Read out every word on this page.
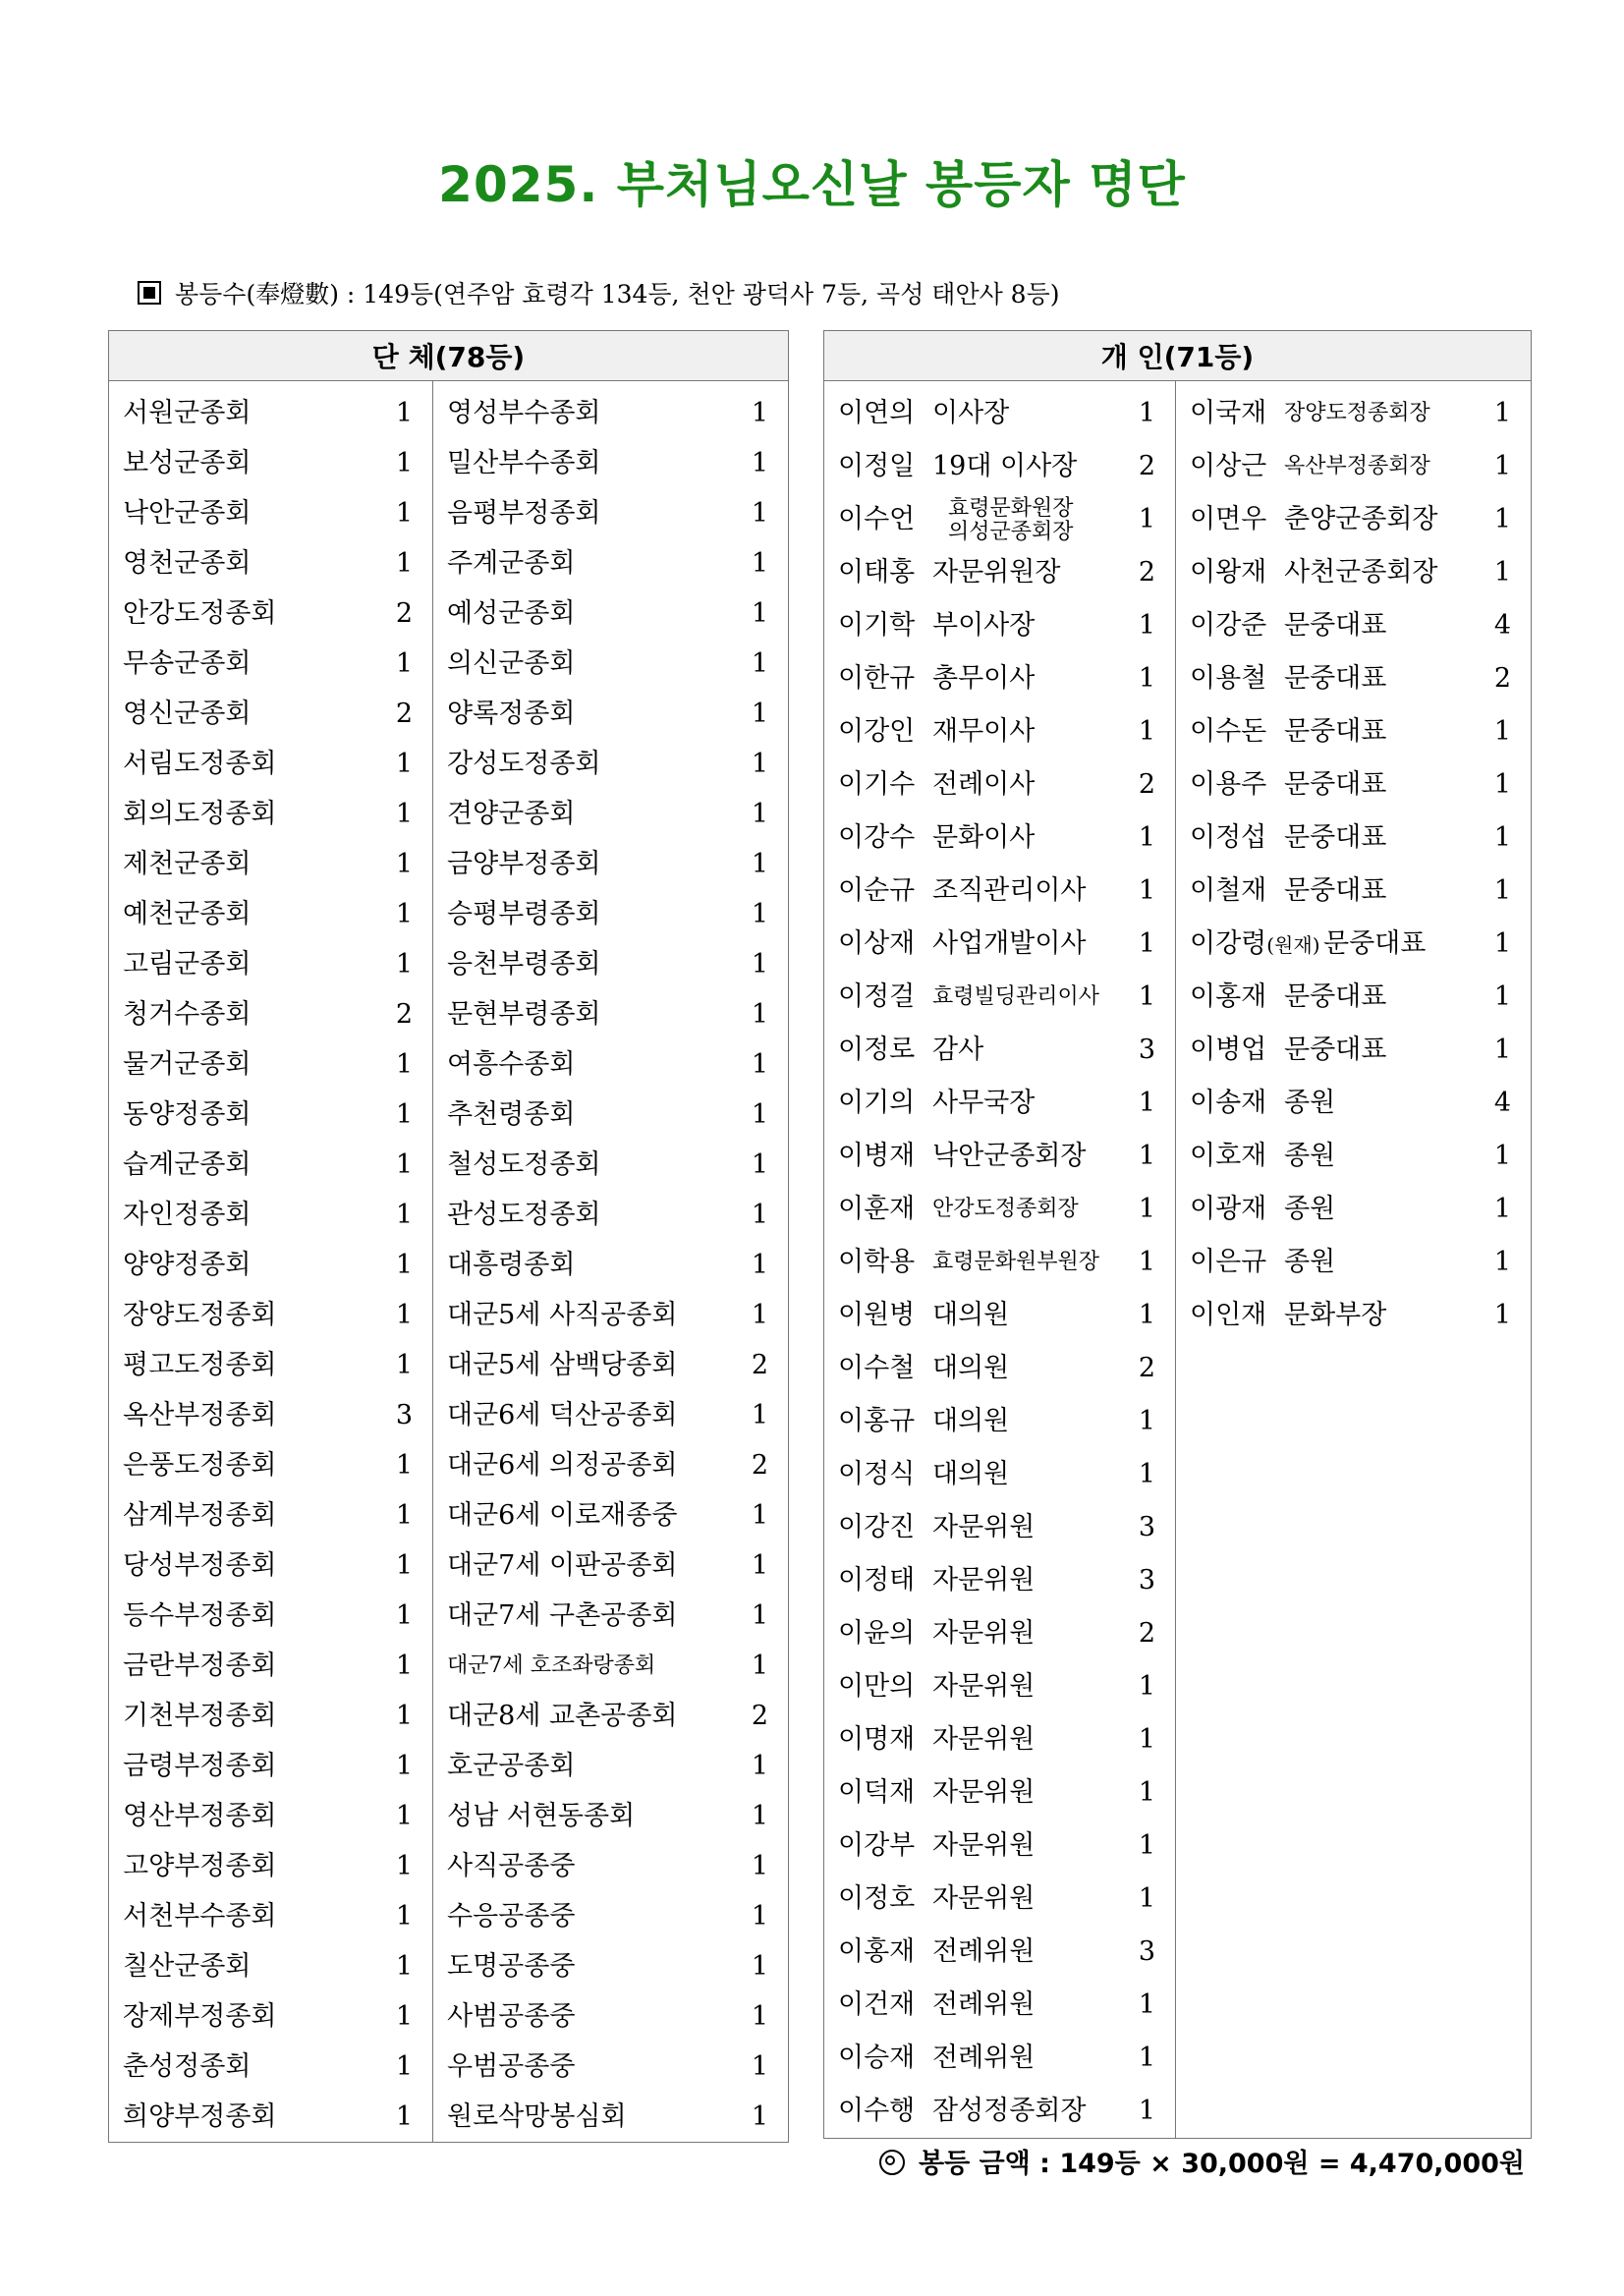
2025. 부처님오신날 봉등자 명단
봉등수(奉燈數) : 149등(연주암 효령각 134등, 천안 광덕사 7등, 곡성 태안사 8등)
단 체(78등)

서원군종회	1
보성군종회	1
낙안군종회	1
영천군종회	1
안강도정종회	2
무송군종회	1
영신군종회	2
서림도정종회	1
회의도정종회	1
제천군종회	1
예천군종회	1
고림군종회	1
청거수종회	2
물거군종회	1
동양정종회	1
습계군종회	1
자인정종회	1
양양정종회	1
장양도정종회	1
평고도정종회	1
옥산부정종회	3
은풍도정종회	1
삼계부정종회	1
당성부정종회	1
등수부정종회	1
금란부정종회	1
기천부정종회	1
금령부정종회	1
영산부정종회	1
고양부정종회	1
서천부수종회	1
칠산군종회	1
장제부정종회	1
춘성정종회	1
희양부정종회	1

영성부수종회	1
밀산부수종회	1
음평부정종회	1
주계군종회	1
예성군종회	1
의신군종회	1
양록정종회	1
강성도정종회	1
견양군종회	1
금양부정종회	1
승평부령종회	1
응천부령종회	1
문현부령종회	1
여흥수종회	1
추천령종회	1
철성도정종회	1
관성도정종회	1
대흥령종회	1
대군5세 사직공종회	1
대군5세 삼백당종회	2
대군6세 덕산공종회	1
대군6세 의정공종회	2
대군6세 이로재종중	1
대군7세 이판공종회	1
대군7세 구촌공종회	1
대군7세 호조좌랑종회	1
대군8세 교촌공종회	2
호군공종회	1
성남 서현동종회	1
사직공종중	1
수응공종중	1
도명공종중	1
사범공종중	1
우범공종중	1
원로삭망봉심회	1
개 인(71등)

이연의 이사장	1
이정일 19대 이사장 2
이수언 효령문화원장
의성군종회장 1
이태홍 자문위원장	2
이기학 부이사장	1
이한규 총무이사	1
이강인 재무이사	1
이기수 전례이사	2
이강수 문화이사	1
이순규 조직관리이사 1
이상재 사업개발이사 1
이정걸 효령빌딩관리이사 1
이정로 감사	3
이기의 사무국장	1
이병재 낙안군종회장 1
이훈재 안강도정종회장 1
이학용 효령문화원부원장 1
이원병 대의원	1
이수철 대의원	2
이홍규 대의원	1
이정식 대의원	1
이강진 자문위원	3
이정태 자문위원	3
이윤의 자문위원	2
이만의 자문위원	1
이명재 자문위원	1
이덕재 자문위원	1
이강부 자문위원	1
이정호 자문위원	1
이홍재 전례위원	3
이건재 전례위원	1
이승재 전례위원	1
이수행 잠성정종회장 1

이국재 장양도정종회장 1
이상근 옥산부정종회장 1
이면우 춘양군종회장 1
이왕재 사천군종회장 1
이강준 문중대표	4
이용철 문중대표	2
이수돈 문중대표	1
이용주 문중대표	1
이정섭 문중대표	1
이철재 문중대표	1
이강령(원재) 문중대표	1
이홍재 문중대표	1
이병업 문중대표	1
이송재 종원	4
이호재 종원	1
이광재 종원	1
이은규 종원	1
이인재 문화부장	1
봉등 금액 : 149등 × 30,000원 = 4,470,000원
